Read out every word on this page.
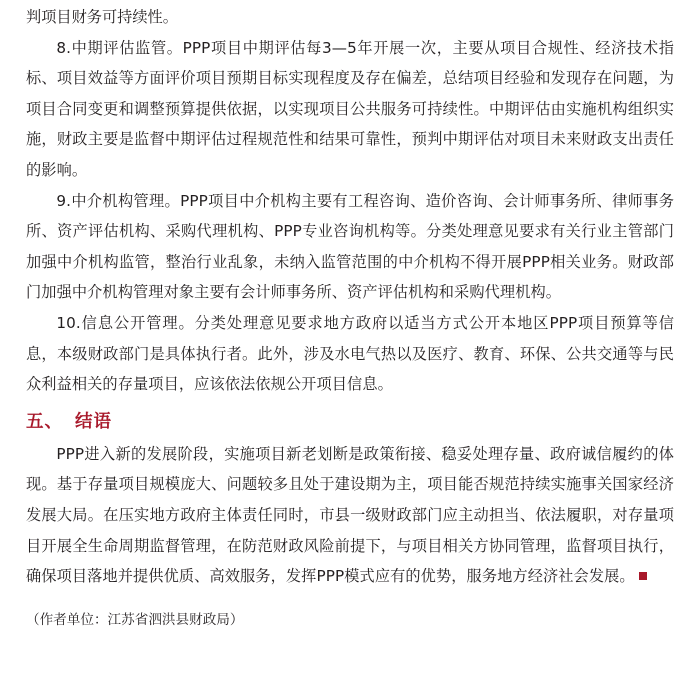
判项目财务可持续性。

8.中期评估监管。PPP项目中期评估每3—5年开展一次，主要从项目合规性、经济技术指标、项目效益等方面评价项目预期目标实现程度及存在偏差，总结项目经验和发现存在问题，为项目合同变更和调整预算提供依据，以实现项目公共服务可持续性。中期评估由实施机构组织实施，财政主要是监督中期评估过程规范性和结果可靠性，预判中期评估对项目未来财政支出责任的影响。

9.中介机构管理。PPP项目中介机构主要有工程咨询、造价咨询、会计师事务所、律师事务所、资产评估机构、采购代理机构、PPP专业咨询机构等。分类处理意见要求有关行业主管部门加强中介机构监管，整治行业乱象，未纳入监管范围的中介机构不得开展PPP相关业务。财政部门加强中介机构管理对象主要有会计师事务所、资产评估机构和采购代理机构。

10.信息公开管理。分类处理意见要求地方政府以适当方式公开本地区PPP项目预算等信息，本级财政部门是具体执行者。此外，涉及水电气热以及医疗、教育、环保、公共交通等与民众利益相关的存量项目，应该依法依规公开项目信息。

五、 结语

PPP进入新的发展阶段，实施项目新老划断是政策衔接、稳妥处理存量、政府诚信履约的体现。基于存量项目规模庞大、问题较多且处于建设期为主，项目能否规范持续实施事关国家经济发展大局。在压实地方政府主体责任同时，市县一级财政部门应主动担当、依法履职，对存量项目开展全生命周期监督管理，在防范财政风险前提下，与项目相关方协同管理，监督项目执行，确保项目落地并提供优质、高效服务，发挥PPP模式应有的优势，服务地方经济社会发展。

（作者单位：江苏省泗洪县财政局）
